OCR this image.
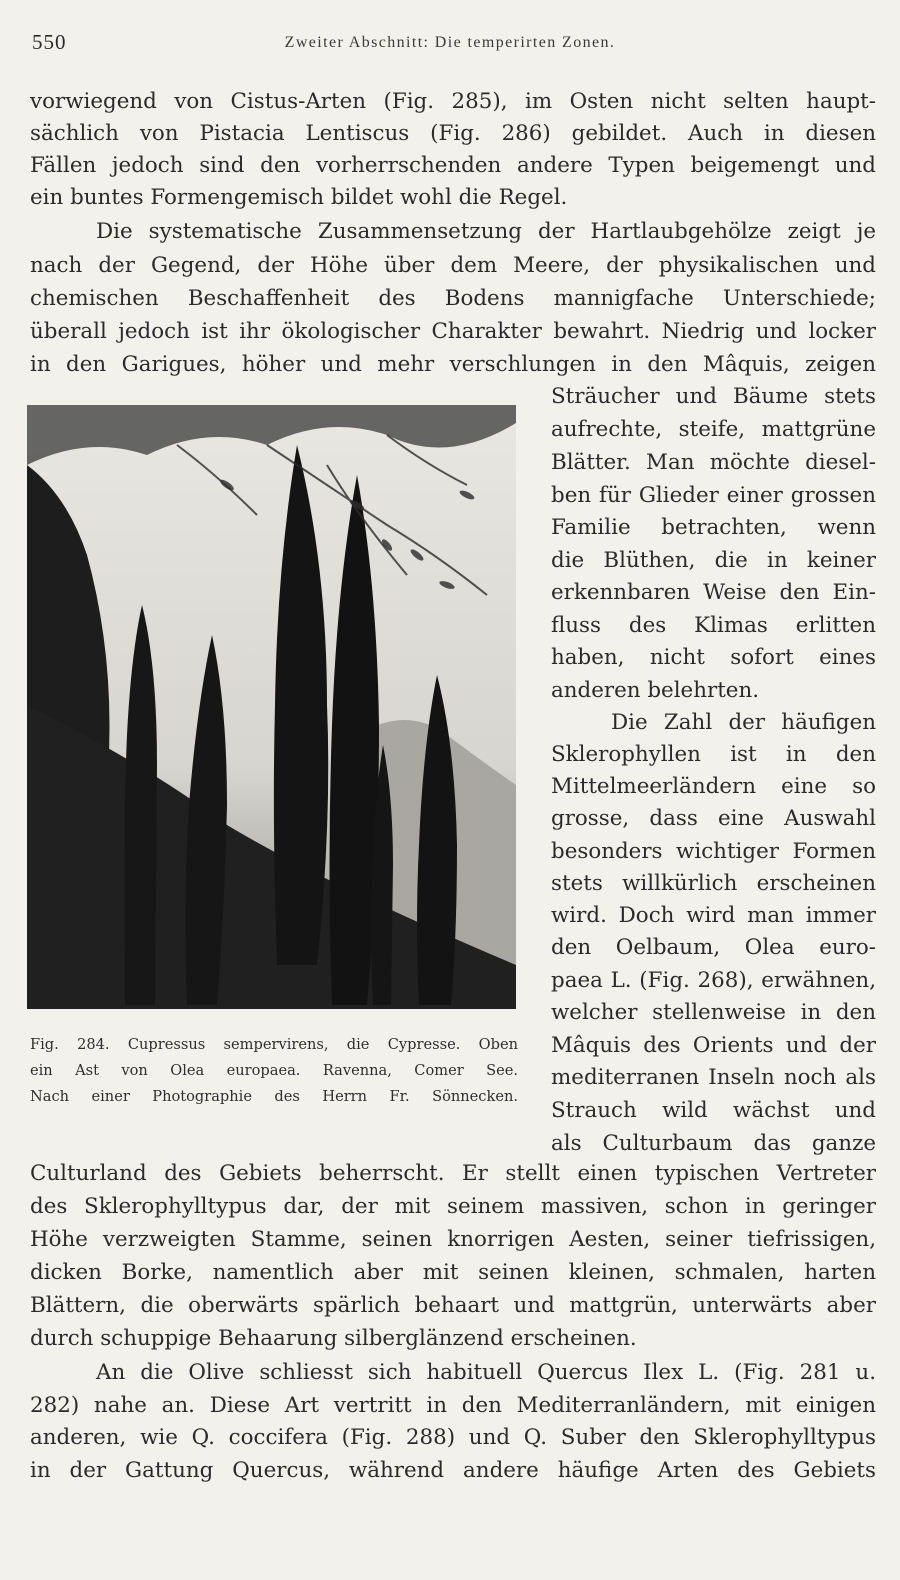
550	Zweiter Abschnitt: Die temperirten Zonen.
vorwiegend von Cistus-Arten (Fig. 285), im Osten nicht selten haupt-
sächlich von Pistacia Lentiscus (Fig. 286) gebildet. Auch in diesen
Fällen jedoch sind den vorherrschenden andere Typen beigemengt und
ein buntes Formengemisch bildet wohl die Regel.
Die systematische Zusammensetzung der Hartlaubgehölze zeigt je
nach der Gegend, der Höhe über dem Meere, der physikalischen und
chemischen Beschaffenheit des Bodens mannigfache Unterschiede;
überall jedoch ist ihr ökologischer Charakter bewahrt. Niedrig und locker
in den Garigues, höher und mehr verschlungen in den Mâquis, zeigen
Fig. 284. Cupressus sempervirens, die Cypresse. Oben
ein Ast von Olea europaea. Ravenna, Comer See.
Nach einer Photographie des Herrn Fr. Sönnecken.
Sträucher und Bäume stets
aufrechte, steife, mattgrüne
Blätter. Man möchte diesel-
ben für Glieder einer grossen
Familie betrachten, wenn
die Blüthen, die in keiner
erkennbaren Weise den Ein-
fluss des Klimas erlitten
haben, nicht sofort eines
anderen belehrten.
Die Zahl der häufigen
Sklerophyllen ist in den
Mittelmeerländern eine so
grosse, dass eine Auswahl
besonders wichtiger Formen
stets willkürlich erscheinen
wird. Doch wird man immer
den Oelbaum, Olea euro-
paea L. (Fig. 268), erwähnen,
welcher stellenweise in den
Mâquis des Orients und der
mediterranen Inseln noch als
Strauch wild wächst und
als Culturbaum das ganze
Culturland des Gebiets beherrscht. Er stellt einen typischen Vertreter
des Sklerophylltypus dar, der mit seinem massiven, schon in geringer
Höhe verzweigten Stamme, seinen knorrigen Aesten, seiner tiefrissigen,
dicken Borke, namentlich aber mit seinen kleinen, schmalen, harten
Blättern, die oberwärts spärlich behaart und mattgrün, unterwärts aber
durch schuppige Behaarung silberglänzend erscheinen.
An die Olive schliesst sich habituell Quercus Ilex L. (Fig. 281 u.
282) nahe an. Diese Art vertritt in den Mediterranländern, mit einigen
anderen, wie Q. coccifera (Fig. 288) und Q. Suber den Sklerophylltypus
in der Gattung Quercus, während andere häufige Arten des Gebiets
